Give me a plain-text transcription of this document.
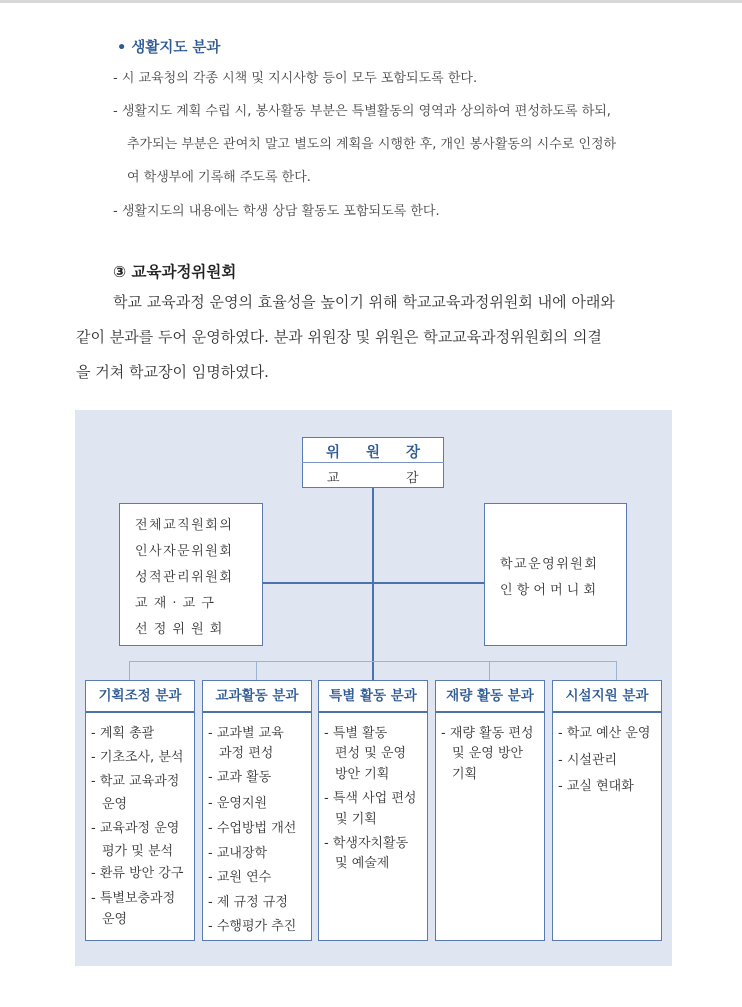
• 생활지도 분과
- 시 교육청의 각종 시책 및 지시사항 등이 모두 포함되도록 한다.
- 생활지도 계획 수립 시, 봉사활동 부분은 특별활동의 영역과 상의하여 편성하도록 하되,
추가되는 부분은 관여치 말고 별도의 계획을 시행한 후, 개인 봉사활동의 시수로 인정하
여 학생부에 기록해 주도록 한다.
- 생활지도의 내용에는 학생 상담 활동도 포함되도록 한다.
③ 교육과정위원회
학교 교육과정 운영의 효율성을 높이기 위해 학교교육과정위원회 내에 아래와
같이 분과를 두어 운영하였다. 분과 위원장 및 위원은 학교교육과정위원회의 의결
을 거쳐 학교장이 임명하였다.
위 원 장
교	감
전체교직원회의
인사자문위원회
성적관리위원회
교 재 · 교 구
선 정 위 원 회
학교운영위원회
인 항 어 머 니 회
기획조정 분과
- 계획 총괄
- 기초조사, 분석
- 학교 교육과정
운영
- 교육과정 운영
평가 및 분석
- 환류 방안 강구
- 특별보충과정
운영
교과활동 분과
- 교과별 교육
과정 편성
- 교과 활동
- 운영지원
- 수업방법 개선
- 교내장학
- 교원 연수
- 제 규정 규정
- 수행평가 추진
특별 활동 분과
- 특별 활동
편성 및 운영
방안 기획
- 특색 사업 편성
및 기획
- 학생자치활동
및 예술제
재량 활동 분과
- 재량 활동 편성
및 운영 방안
기획
시설지원 분과
- 학교 예산 운영
- 시설관리
- 교실 현대화
